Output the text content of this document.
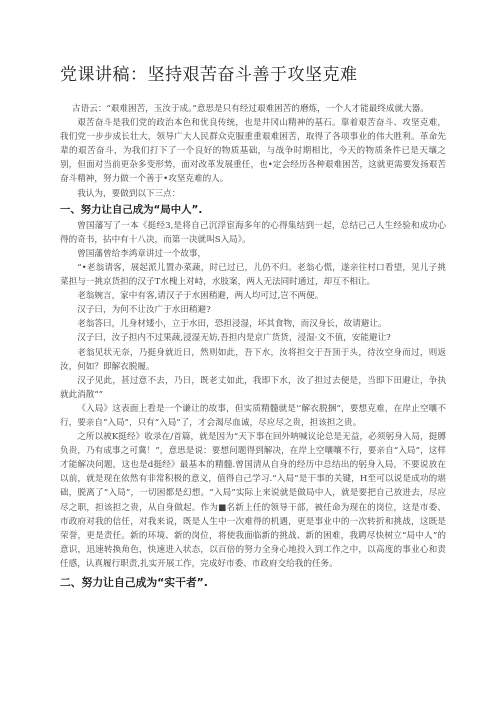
党课讲稿：坚持艰苦奋斗善于攻坚克难

古语云：“艰难困苦，玉汝于成。”意思是只有经过艰难困苦的磨炼，一个人才能最终成就大器。

艰苦奋斗是我们党的政治本色和优良传统，也是井冈山精神的基石。靠着艰苦奋斗、攻坚克难，我们党一步步成长壮大，领导广大人民群众克服重重艰难困苦，取得了各项事业的伟大胜利。革命先辈的艰苦奋斗，为我们打下了一个良好的物质基础，与战争时期相比，今天的物质条件已是天壤之别，但面对当前更杂多变形势，面对改革发展重任，也•定会经历各种艰难困苦，这就更需要发扬艰苦奋斗精神，努力做一个善于•攻坚克难的人。

我认为，要做到以下三点：

一、努力让自己成为“局中人”.

曾国藩写了一本《挺经3,是将自己沉浮宦海多年的心得集结到一起，总结已己人生经验和成功心得的奇书，拈中有十八决，而第一决就叫S入局》。

曾国藩曾给李鸿章讲过一个故事，

“•老翁请客，展起派儿置办菜蔬，时已过已，儿仍不归。老翁心慌，遂亲往村口看望，见儿子挑菜担与一挑京货担的汉子T水槐上对峙，水肢案，两人无法同时通过，却互不相让。

老翁婉言，家中有客,请汉子于水困稍避，两人均可过,岂不两便。

汉子曰，为何不让汝广于水田稍避?

老翁答曰，儿身材矮小，立于水田，恐担浸湿，坏其食物，而汉身长，故请避让。

汉子曰，汝子担内不过果蔬,浸湿无妨,吾担内是京广货货，浸湿·文不值，安能避让?

老翁见状无奈，乃挺身就近日，然则如此，吾下水，汝将担交于吾顶于头，待汝空身而过，则返汝，何如？即解衣脱履。

汉子见此，甚过意不去，乃日，既老丈如此，我即下水，汝了担过去便是，当即下田避让，争执就此消散“”

《入局》这表面上看是一个谦让的故事，但实质精髓就是'‘解衣脱捆”，要想克难，在岸止空嚷不行，要亲自“入局”，只有“入局”了，才会渴尽血诚，尽应尽之贵，担该担之贵。

之所以被K挺经》收录在/首篇，就是因为“天下事在回外呐喊议论总是无益，必须躬身入局，挺膊负贵，乃有成事之可冀！”，意思是说：要想问题得到解决，在岸上空嚷嚷不行，要亲自“入局”，这样才能解决问题，这也是d挺经》最基本的精髓.曾国清从自身的经历中总结出的躬身入局，不要说放在以前，就是现在依然有非常积极的意义，值得自己学习.“入局”是干事的关键，H至可以说是成功的堪础，脱离了“入局”，一切困都是幻想。“入局”实际上来说就是做局中人，就是要把自己放进去，尽应尽之职，担该担之贵，从自身做起。作为■名新上任的领导干部，被任命为现在的岗位，这是市委、市政府对我的信任，对我来说，既是人生中一次难得的机遇，更是事业中的一次转折和挑战，这既是荣誉，更是责任。新的环境、新的岗位，将使我面临新的挑战、新的困难，我聘尽快树立“局中人”的意识，迅速转换角色，快速进入状态，以百倍的努力全身心地投入到工作之中，以高度的事业心和责任感，认真履行职责,扎实开展工作，完成好市委、市政府交给我的任务。

二、努力让自己成为“实干者”.
